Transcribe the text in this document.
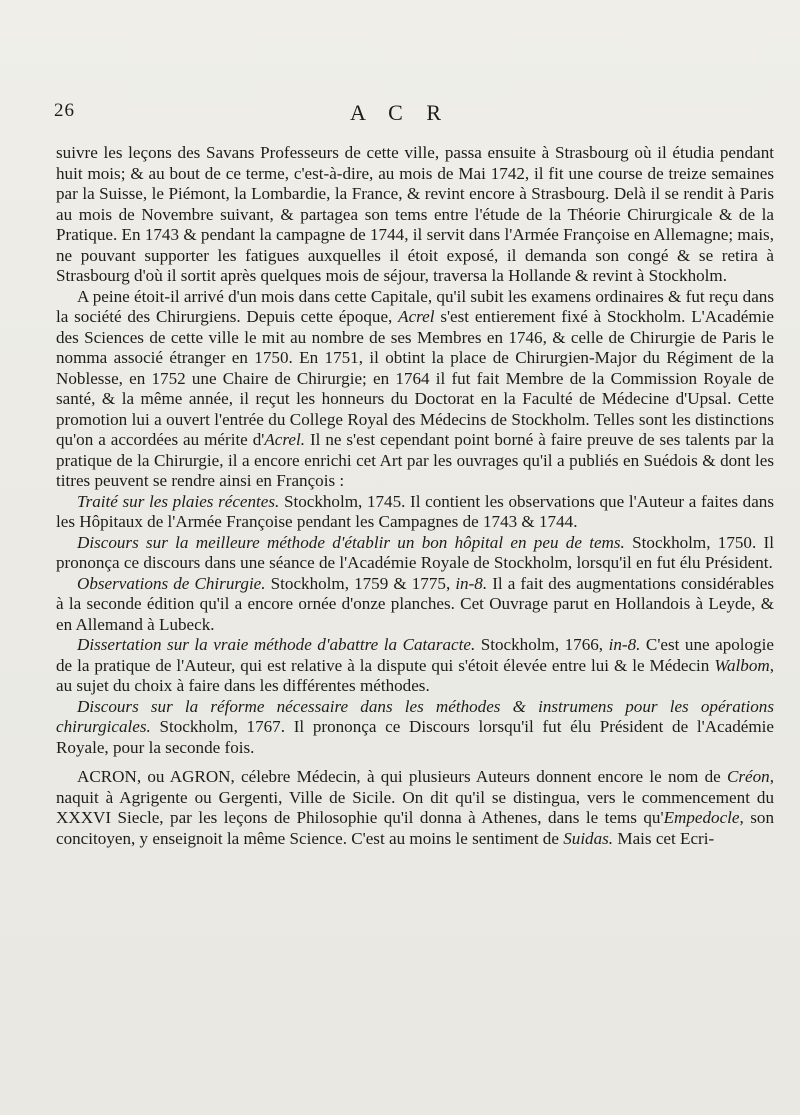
26	A C R

suivre les leçons des Savans Professeurs de cette ville, passa ensuite à Strasbourg où il étudia pendant huit mois; & au bout de ce terme, c'est-à-dire, au mois de Mai 1742, il fit une course de treize semaines par la Suisse, le Piémont, la Lombardie, la France, & revint encore à Strasbourg. Delà il se rendit à Paris au mois de Novembre suivant, & partagea son tems entre l'étude de la Théorie Chirurgicale & de la Pratique. En 1743 & pendant la campagne de 1744, il servit dans l'Armée Françoise en Allemagne; mais, ne pouvant supporter les fatigues auxquelles il étoit exposé, il demanda son congé & se retira à Strasbourg d'où il sortit après quelques mois de séjour, traversa la Hollande & revint à Stockholm.

A peine étoit-il arrivé d'un mois dans cette Capitale, qu'il subit les examens ordinaires & fut reçu dans la société des Chirurgiens. Depuis cette époque, Acrel s'est entierement fixé à Stockholm. L'Académie des Sciences de cette ville le mit au nombre de ses Membres en 1746, & celle de Chirurgie de Paris le nomma associé étranger en 1750. En 1751, il obtint la place de Chirurgien-Major du Régiment de la Noblesse, en 1752 une Chaire de Chirurgie; en 1764 il fut fait Membre de la Commission Royale de santé, & la même année, il reçut les honneurs du Doctorat en la Faculté de Médecine d'Upsal. Cette promotion lui a ouvert l'entrée du College Royal des Médecins de Stockholm. Telles sont les distinctions qu'on a accordées au mérite d'Acrel. Il ne s'est cependant point borné à faire preuve de ses talents par la pratique de la Chirurgie, il a encore enrichi cet Art par les ouvrages qu'il a publiés en Suédois & dont les titres peuvent se rendre ainsi en François :

Traité sur les plaies récentes. Stockholm, 1745. Il contient les observations que l'Auteur a faites dans les Hôpitaux de l'Armée Françoise pendant les Campagnes de 1743 & 1744.

Discours sur la meilleure méthode d'établir un bon hôpital en peu de tems. Stockholm, 1750. Il prononça ce discours dans une séance de l'Académie Royale de Stockholm, lorsqu'il en fut élu Président.

Observations de Chirurgie. Stockholm, 1759 & 1775, in-8. Il a fait des augmentations considérables à la seconde édition qu'il a encore ornée d'onze planches. Cet Ouvrage parut en Hollandois à Leyde, & en Allemand à Lubeck.

Dissertation sur la vraie méthode d'abattre la Cataracte. Stockholm, 1766, in-8. C'est une apologie de la pratique de l'Auteur, qui est relative à la dispute qui s'étoit élevée entre lui & le Médecin Walbom, au sujet du choix à faire dans les différentes méthodes.

Discours sur la réforme nécessaire dans les méthodes & instrumens pour les opérations chirurgicales. Stockholm, 1767. Il prononça ce Discours lorsqu'il fut élu Président de l'Académie Royale, pour la seconde fois.

ACRON, ou AGRON, célebre Médecin, à qui plusieurs Auteurs donnent encore le nom de Créon, naquit à Agrigente ou Gergenti, Ville de Sicile. On dit qu'il se distingua, vers le commencement du XXXVI Siecle, par les leçons de Philosophie qu'il donna à Athenes, dans le tems qu'Empedocle, son concitoyen, y enseignoit la même Science. C'est au moins le sentiment de Suidas. Mais cet Ecri-
